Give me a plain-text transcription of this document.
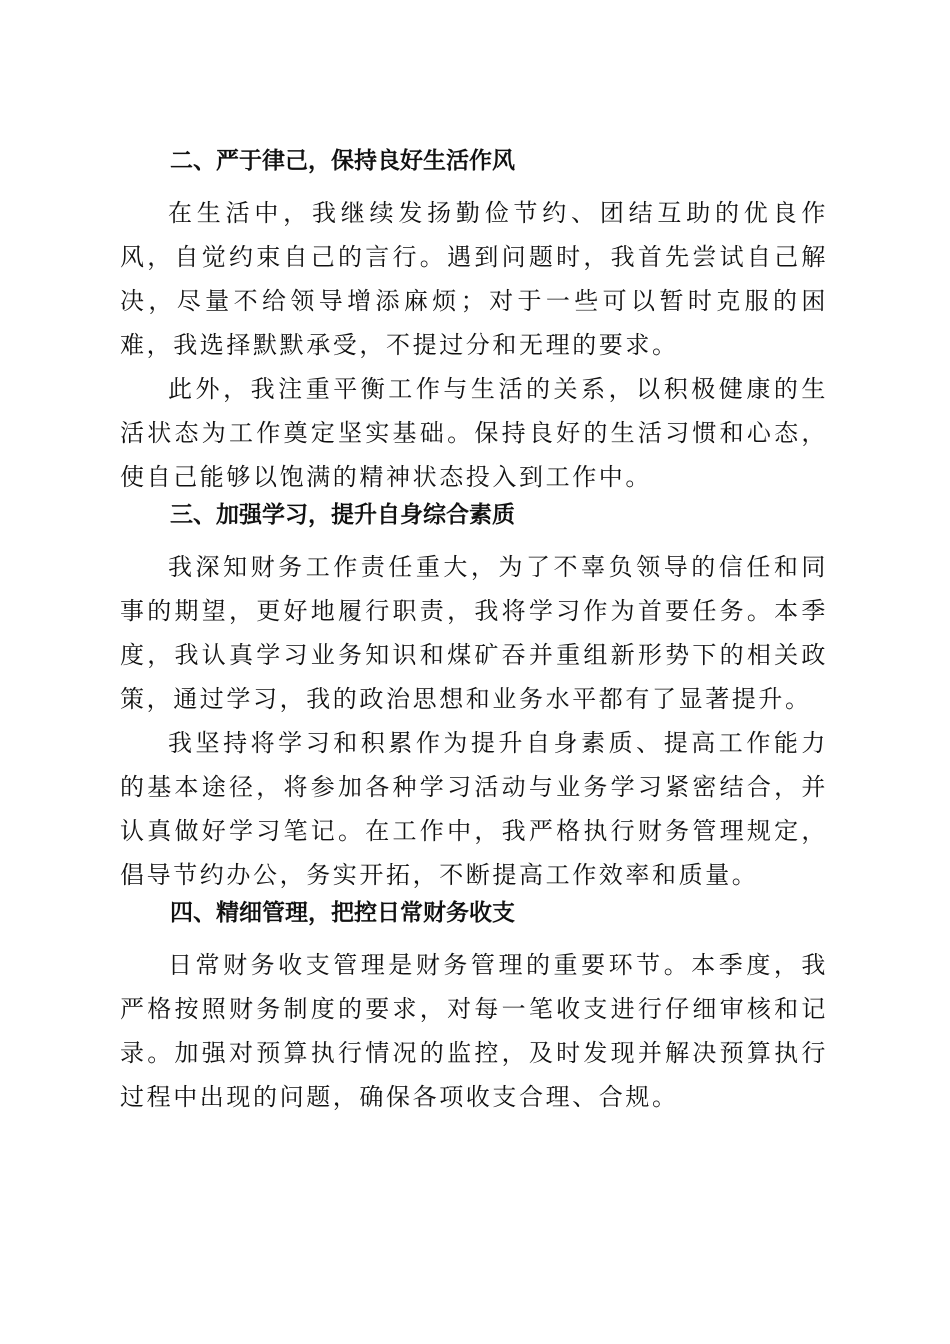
二、严于律己，保持良好生活作风

在生活中，我继续发扬勤俭节约、团结互助的优良作风，自觉约束自己的言行。遇到问题时，我首先尝试自己解决，尽量不给领导增添麻烦；对于一些可以暂时克服的困难，我选择默默承受，不提过分和无理的要求。

此外，我注重平衡工作与生活的关系，以积极健康的生活状态为工作奠定坚实基础。保持良好的生活习惯和心态，使自己能够以饱满的精神状态投入到工作中。

三、加强学习，提升自身综合素质

我深知财务工作责任重大，为了不辜负领导的信任和同事的期望，更好地履行职责，我将学习作为首要任务。本季度，我认真学习业务知识和煤矿吞并重组新形势下的相关政策，通过学习，我的政治思想和业务水平都有了显著提升。

我坚持将学习和积累作为提升自身素质、提高工作能力的基本途径，将参加各种学习活动与业务学习紧密结合，并认真做好学习笔记。在工作中，我严格执行财务管理规定，倡导节约办公，务实开拓，不断提高工作效率和质量。

四、精细管理，把控日常财务收支

日常财务收支管理是财务管理的重要环节。本季度，我严格按照财务制度的要求，对每一笔收支进行仔细审核和记录。加强对预算执行情况的监控，及时发现并解决预算执行过程中出现的问题，确保各项收支合理、合规。
